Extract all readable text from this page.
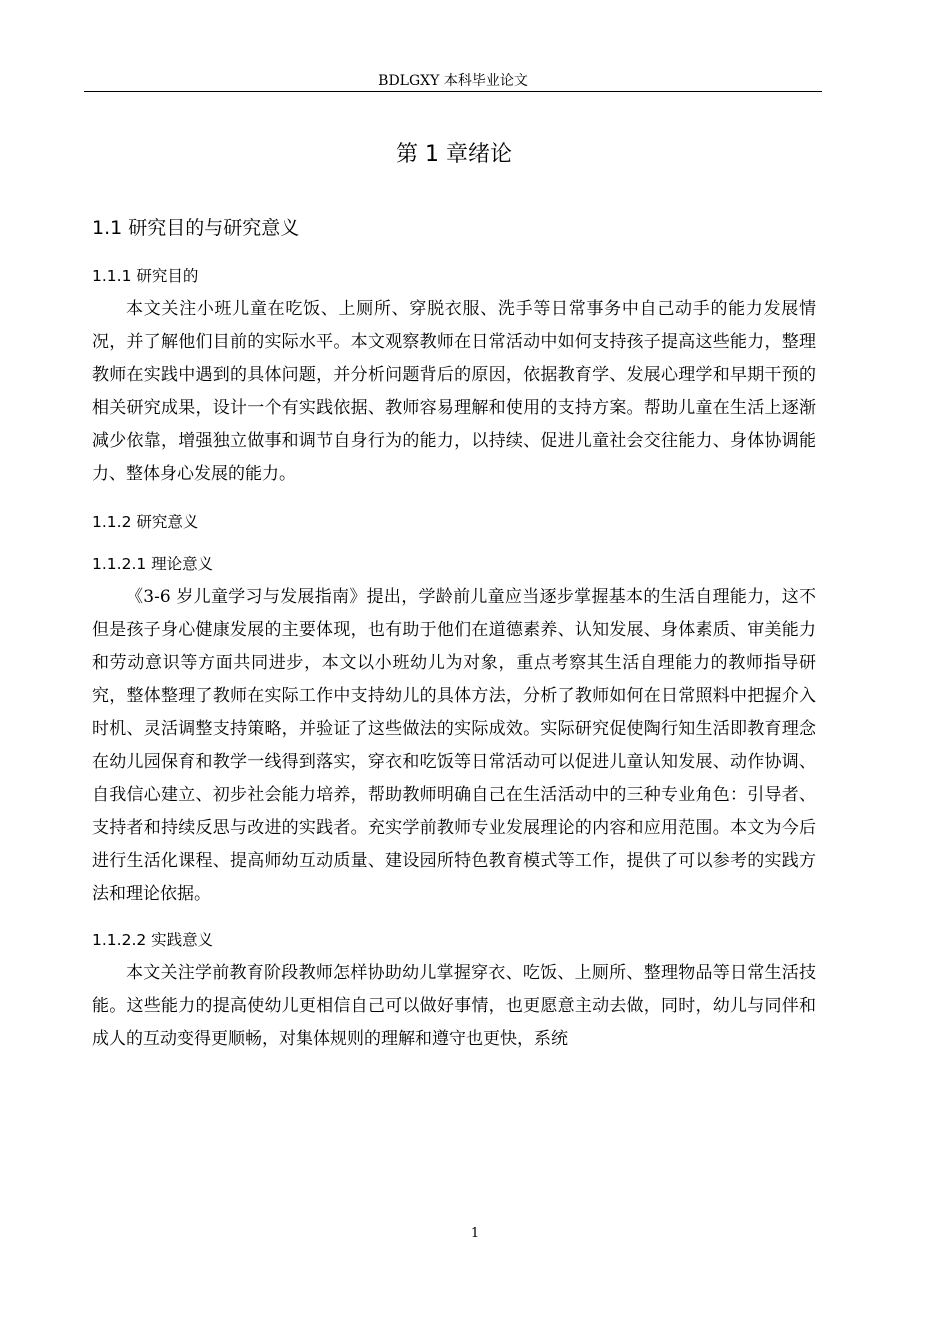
BDLGXY 本科毕业论文
第 1 章绪论
1.1 研究目的与研究意义
1.1.1 研究目的

本文关注小班儿童在吃饭、上厕所、穿脱衣服、洗手等日常事务中自己动手的能力发展情况，并了解他们目前的实际水平。本文观察教师在日常活动中如何支持孩子提高这些能力，整理教师在实践中遇到的具体问题，并分析问题背后的原因，依据教育学、发展心理学和早期干预的相关研究成果，设计一个有实践依据、教师容易理解和使用的支持方案。帮助儿童在生活上逐渐减少依靠，增强独立做事和调节自身行为的能力，以持续、促进儿童社会交往能力、身体协调能力、整体身心发展的能力。

1.1.2 研究意义
1.1.2.1 理论意义

《3-6 岁儿童学习与发展指南》提出，学龄前儿童应当逐步掌握基本的生活自理能力，这不但是孩子身心健康发展的主要体现，也有助于他们在道德素养、认知发展、身体素质、审美能力和劳动意识等方面共同进步，本文以小班幼儿为对象，重点考察其生活自理能力的教师指导研究，整体整理了教师在实际工作中支持幼儿的具体方法，分析了教师如何在日常照料中把握介入时机、灵活调整支持策略，并验证了这些做法的实际成效。实际研究促使陶行知生活即教育理念在幼儿园保育和教学一线得到落实，穿衣和吃饭等日常活动可以促进儿童认知发展、动作协调、自我信心建立、初步社会能力培养，帮助教师明确自己在生活活动中的三种专业角色：引导者、支持者和持续反思与改进的实践者。充实学前教师专业发展理论的内容和应用范围。本文为今后进行生活化课程、提高师幼互动质量、建设园所特色教育模式等工作，提供了可以参考的实践方法和理论依据。

1.1.2.2 实践意义

本文关注学前教育阶段教师怎样协助幼儿掌握穿衣、吃饭、上厕所、整理物品等日常生活技能。这些能力的提高使幼儿更相信自己可以做好事情，也更愿意主动去做，同时，幼儿与同伴和成人的互动变得更顺畅，对集体规则的理解和遵守也更快，系统

1
